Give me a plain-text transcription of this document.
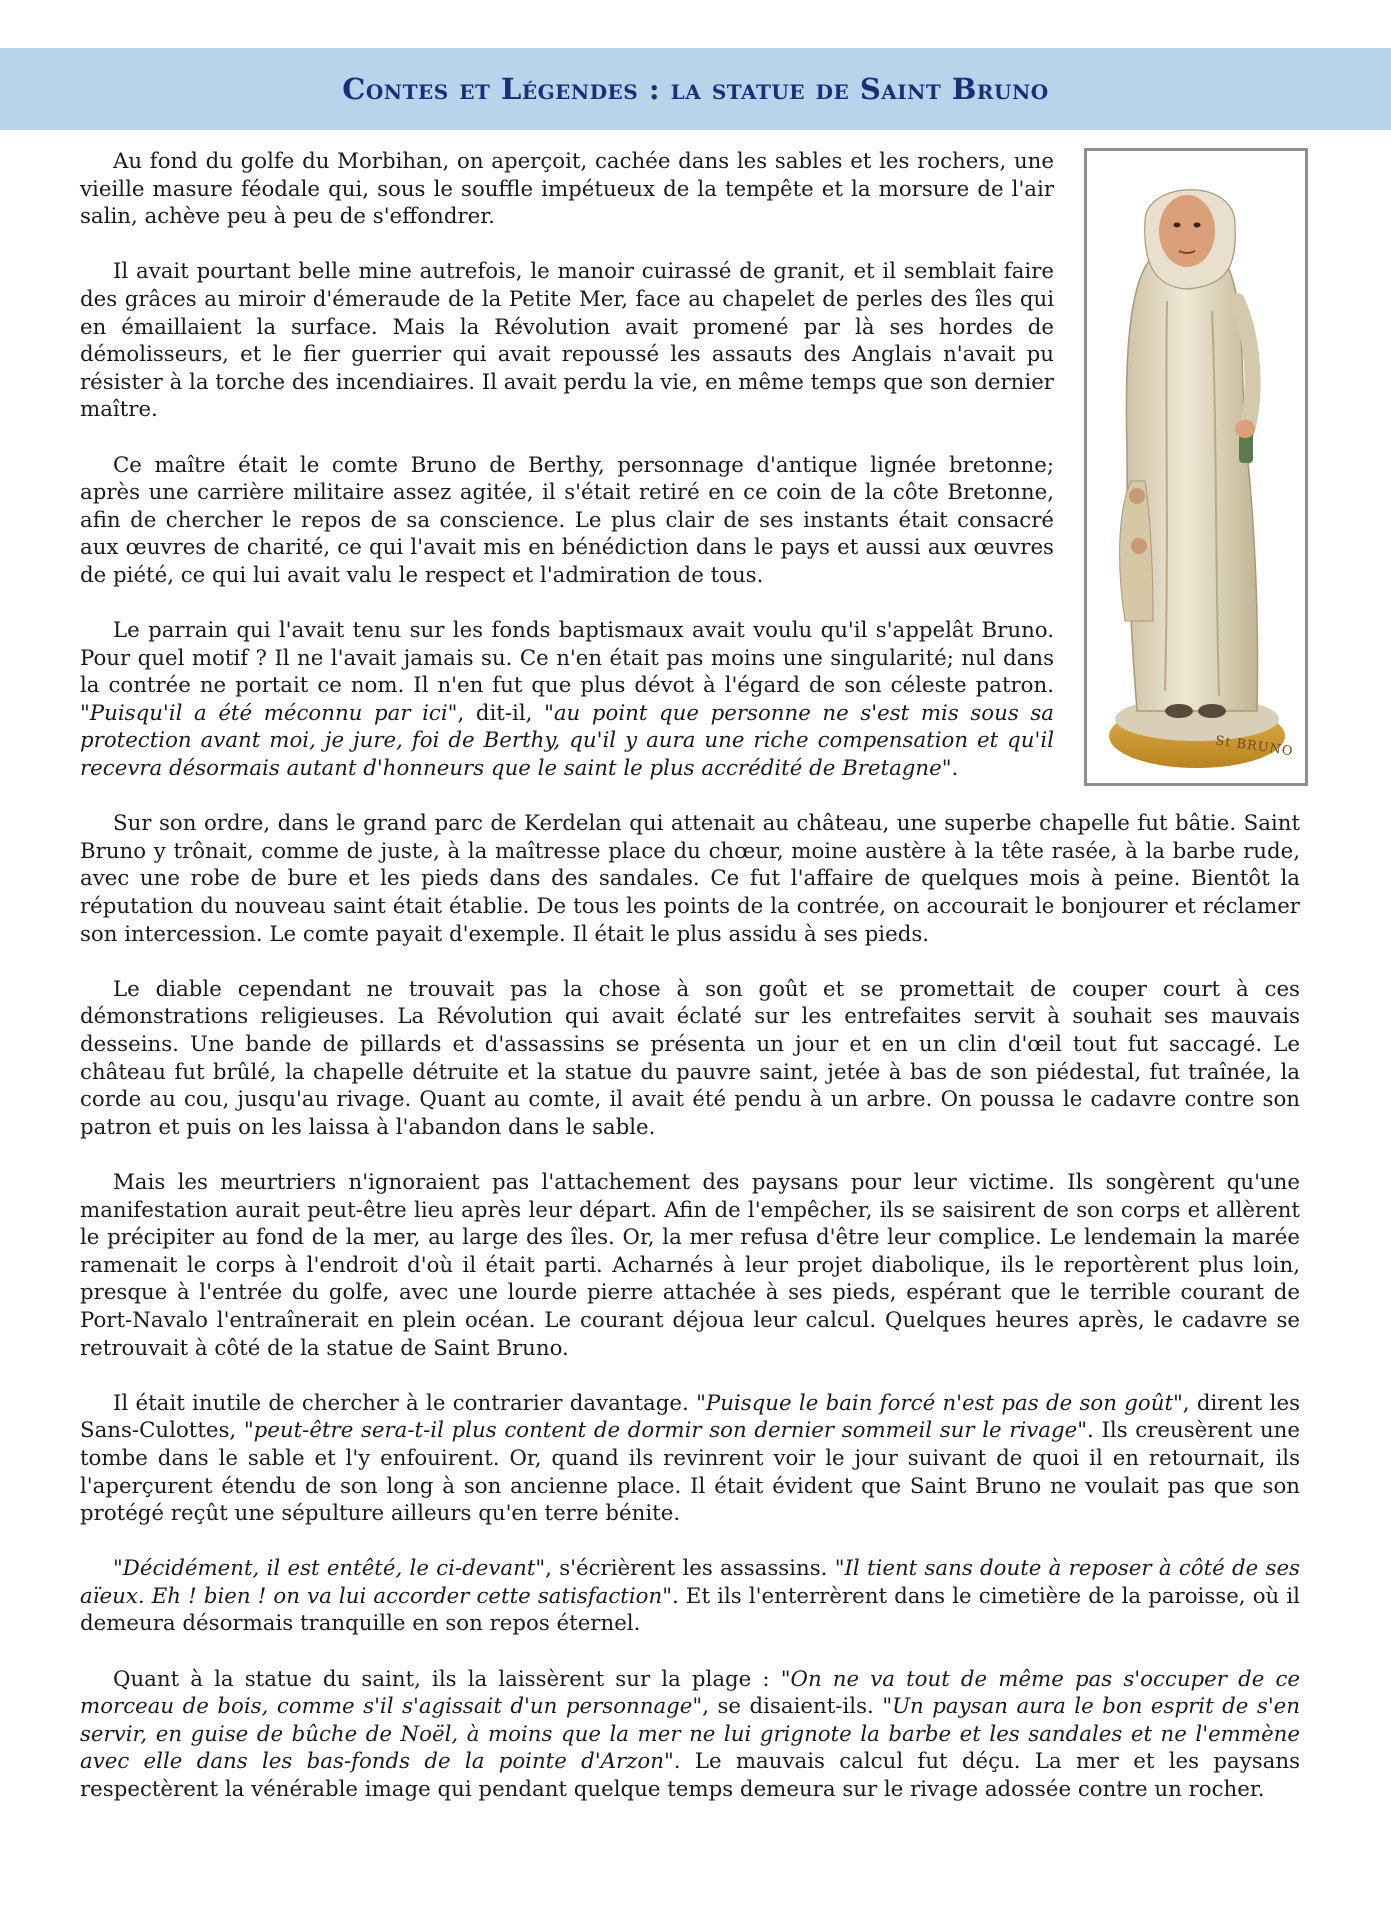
Contes et Légendes : la statue de Saint Bruno
St BRUNO

Au fond du golfe du Morbihan, on aperçoit, cachée dans les sables et les rochers, une vieille masure féodale qui, sous le souffle impétueux de la tempête et la morsure de l'air salin, achève peu à peu de s'effondrer.

Il avait pourtant belle mine autrefois, le manoir cuirassé de granit, et il semblait faire des grâces au miroir d'émeraude de la Petite Mer, face au chapelet de perles des îles qui en émaillaient la surface. Mais la Révolution avait promené par là ses hordes de démolisseurs, et le fier guerrier qui avait repoussé les assauts des Anglais n'avait pu résister à la torche des incendiaires. Il avait perdu la vie, en même temps que son dernier maître.

Ce maître était le comte Bruno de Berthy, personnage d'antique lignée bretonne; après une carrière militaire assez agitée, il s'était retiré en ce coin de la côte Bretonne, afin de chercher le repos de sa conscience. Le plus clair de ses instants était consacré aux œuvres de charité, ce qui l'avait mis en bénédiction dans le pays et aussi aux œuvres de piété, ce qui lui avait valu le respect et l'admiration de tous.

Le parrain qui l'avait tenu sur les fonds baptismaux avait voulu qu'il s'appelât Bruno. Pour quel motif ? Il ne l'avait jamais su. Ce n'en était pas moins une singularité; nul dans la contrée ne portait ce nom. Il n'en fut que plus dévot à l'égard de son céleste patron. "Puisqu'il a été méconnu par ici", dit-il, "au point que personne ne s'est mis sous sa protection avant moi, je jure, foi de Berthy, qu'il y aura une riche compensation et qu'il recevra désormais autant d'honneurs que le saint le plus accrédité de Bretagne".

Sur son ordre, dans le grand parc de Kerdelan qui attenait au château, une superbe chapelle fut bâtie. Saint Bruno y trônait, comme de juste, à la maîtresse place du chœur, moine austère à la tête rasée, à la barbe rude, avec une robe de bure et les pieds dans des sandales. Ce fut l'affaire de quelques mois à peine. Bientôt la réputation du nouveau saint était établie. De tous les points de la contrée, on accourait le bonjourer et réclamer son intercession. Le comte payait d'exemple. Il était le plus assidu à ses pieds.

Le diable cependant ne trouvait pas la chose à son goût et se promettait de couper court à ces démonstrations religieuses. La Révolution qui avait éclaté sur les entrefaites servit à souhait ses mauvais desseins. Une bande de pillards et d'assassins se présenta un jour et en un clin d'œil tout fut saccagé. Le château fut brûlé, la chapelle détruite et la statue du pauvre saint, jetée à bas de son piédestal, fut traînée, la corde au cou, jusqu'au rivage. Quant au comte, il avait été pendu à un arbre. On poussa le cadavre contre son patron et puis on les laissa à l'abandon dans le sable.

Mais les meurtriers n'ignoraient pas l'attachement des paysans pour leur victime. Ils songèrent qu'une manifestation aurait peut-être lieu après leur départ. Afin de l'empêcher, ils se saisirent de son corps et allèrent le précipiter au fond de la mer, au large des îles. Or, la mer refusa d'être leur complice. Le lendemain la marée ramenait le corps à l'endroit d'où il était parti. Acharnés à leur projet diabolique, ils le reportèrent plus loin, presque à l'entrée du golfe, avec une lourde pierre attachée à ses pieds, espérant que le terrible courant de Port-Navalo l'entraînerait en plein océan. Le courant déjoua leur calcul. Quelques heures après, le cadavre se retrouvait à côté de la statue de Saint Bruno.

Il était inutile de chercher à le contrarier davantage. "Puisque le bain forcé n'est pas de son goût", dirent les Sans-Culottes, "peut-être sera-t-il plus content de dormir son dernier sommeil sur le rivage". Ils creusèrent une tombe dans le sable et l'y enfouirent. Or, quand ils revinrent voir le jour suivant de quoi il en retournait, ils l'aperçurent étendu de son long à son ancienne place. Il était évident que Saint Bruno ne voulait pas que son protégé reçût une sépulture ailleurs qu'en terre bénite.

"Décidément, il est entêté, le ci-devant", s'écrièrent les assassins. "Il tient sans doute à reposer à côté de ses aïeux. Eh ! bien ! on va lui accorder cette satisfaction". Et ils l'enterrèrent dans le cimetière de la paroisse, où il demeura désormais tranquille en son repos éternel.

Quant à la statue du saint, ils la laissèrent sur la plage : "On ne va tout de même pas s'occuper de ce morceau de bois, comme s'il s'agissait d'un personnage", se disaient-ils. "Un paysan aura le bon esprit de s'en servir, en guise de bûche de Noël, à moins que la mer ne lui grignote la barbe et les sandales et ne l'emmène avec elle dans les bas-fonds de la pointe d'Arzon". Le mauvais calcul fut déçu. La mer et les paysans respectèrent la vénérable image qui pendant quelque temps demeura sur le rivage adossée contre un rocher.
